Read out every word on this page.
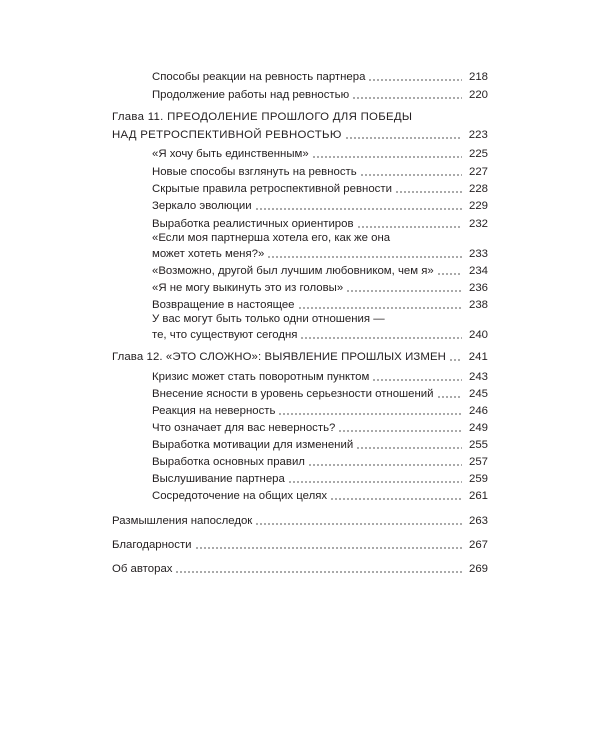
Способы реакции на ревность партнера	218
Продолжение работы над ревностью	220
Глава 11. ПРЕОДОЛЕНИЕ ПРОШЛОГО ДЛЯ ПОБЕДЫ
НАД РЕТРОСПЕКТИВНОЙ РЕВНОСТЬЮ	223
«Я хочу быть единственным»	225
Новые способы взглянуть на ревность	227
Скрытые правила ретроспективной ревности	228
Зеркало эволюции	229
Выработка реалистичных ориентиров	232
«Если моя партнерша хотела его, как же она
может хотеть меня?»	233
«Возможно, другой был лучшим любовником, чем я»	234
«Я не могу выкинуть это из головы»	236
Возвращение в настоящее	238
У вас могут быть только одни отношения —
те, что существуют сегодня	240
Глава 12. «ЭТО СЛОЖНО»: ВЫЯВЛЕНИЕ ПРОШЛЫХ ИЗМЕН	241
Кризис может стать поворотным пунктом	243
Внесение ясности в уровень серьезности отношений	245
Реакция на неверность	246
Что означает для вас неверность?	249
Выработка мотивации для изменений	255
Выработка основных правил	257
Выслушивание партнера	259
Сосредоточение на общих целях	261
Размышления напоследок	263
Благодарности	267
Об авторах	269
